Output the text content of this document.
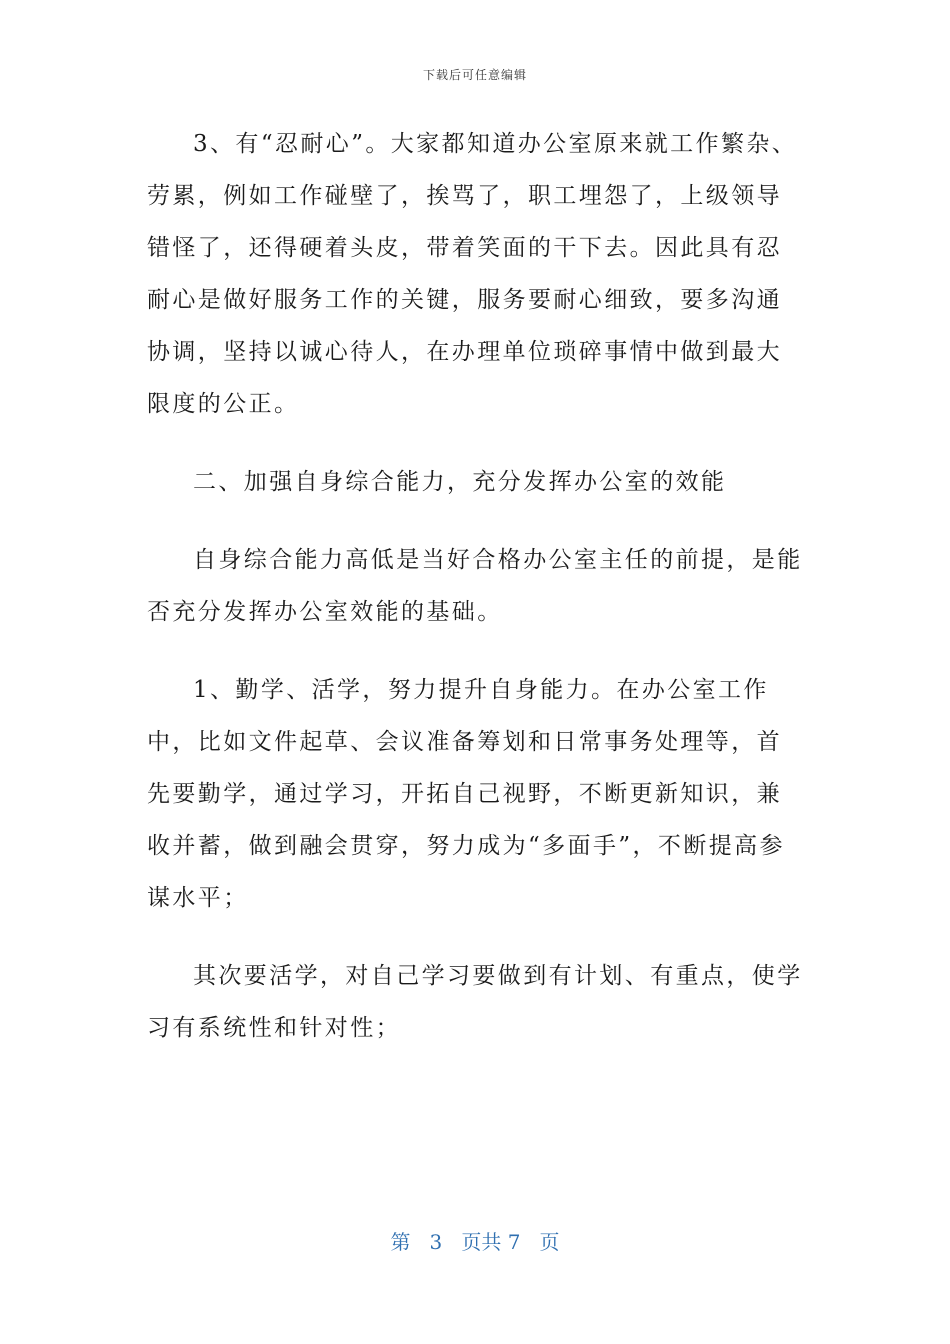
下载后可任意编辑

3、有“忍耐心”。大家都知道办公室原来就工作繁杂、劳累，例如工作碰壁了，挨骂了，职工埋怨了，上级领导错怪了，还得硬着头皮，带着笑面的干下去。因此具有忍耐心是做好服务工作的关键，服务要耐心细致，要多沟通协调，坚持以诚心待人，在办理单位琐碎事情中做到最大限度的公正。

二、加强自身综合能力，充分发挥办公室的效能

自身综合能力高低是当好合格办公室主任的前提，是能否充分发挥办公室效能的基础。

1、勤学、活学，努力提升自身能力。在办公室工作中，比如文件起草、会议准备筹划和日常事务处理等，首先要勤学，通过学习，开拓自己视野，不断更新知识，兼收并蓄，做到融会贯穿，努力成为“多面手”，不断提高参谋水平；

其次要活学，对自己学习要做到有计划、有重点，使学习有系统性和针对性；

第 3 页共 7 页
